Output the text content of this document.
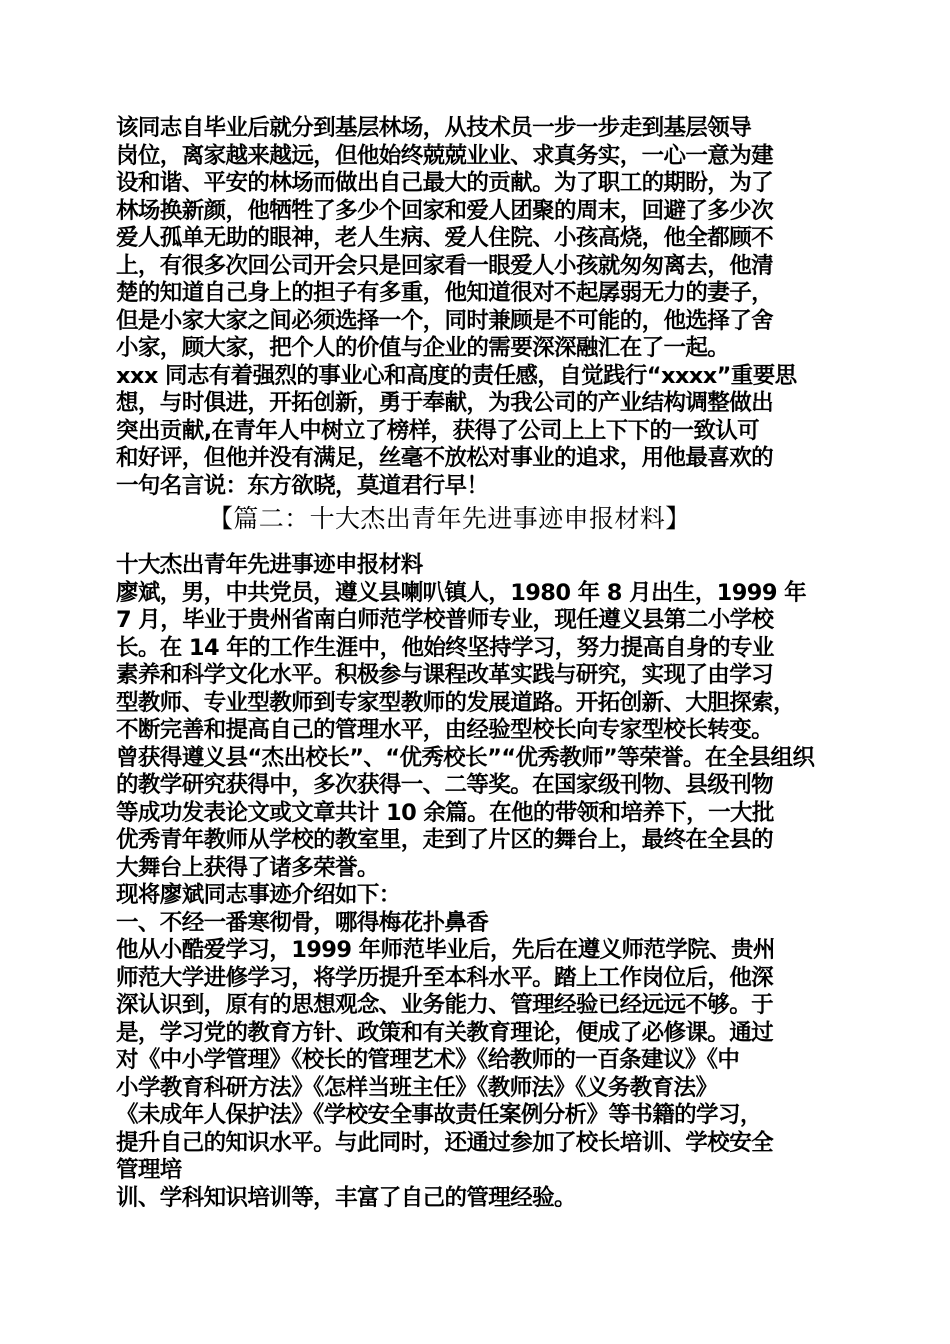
该同志自毕业后就分到基层林场，从技术员一步一步走到基层领导
岗位，离家越来越远，但他始终兢兢业业、求真务实，一心一意为建
设和谐、平安的林场而做出自己最大的贡献。为了职工的期盼，为了
林场换新颜，他牺牲了多少个回家和爱人团聚的周末，回避了多少次
爱人孤单无助的眼神，老人生病、爱人住院、小孩高烧，他全都顾不
上，有很多次回公司开会只是回家看一眼爱人小孩就匆匆离去，他清
楚的知道自己身上的担子有多重，他知道很对不起孱弱无力的妻子，
但是小家大家之间必须选择一个，同时兼顾是不可能的，他选择了舍
小家，顾大家，把个人的价值与企业的需要深深融汇在了一起。
xxx 同志有着强烈的事业心和高度的责任感，自觉践行“xxxx”重要思
想，与时俱进，开拓创新，勇于奉献，为我公司的产业结构调整做出
突出贡献,在青年人中树立了榜样，获得了公司上上下下的一致认可
和好评，但他并没有满足，丝毫不放松对事业的追求，用他最喜欢的
一句名言说：东方欲晓，莫道君行早！
【篇二：十大杰出青年先进事迹申报材料】
十大杰出青年先进事迹申报材料
廖斌，男，中共党员，遵义县喇叭镇人，1980 年 8 月出生，1999 年
7 月，毕业于贵州省南白师范学校普师专业，现任遵义县第二小学校
长。在 14 年的工作生涯中，他始终坚持学习，努力提高自身的专业
素养和科学文化水平。积极参与课程改革实践与研究，实现了由学习
型教师、专业型教师到专家型教师的发展道路。开拓创新、大胆探索，
不断完善和提高自己的管理水平，由经验型校长向专家型校长转变。
曾获得遵义县“杰出校长”、“优秀校长”“优秀教师”等荣誉。在全县组织
的教学研究获得中，多次获得一、二等奖。在国家级刊物、县级刊物
等成功发表论文或文章共计 10 余篇。在他的带领和培养下，一大批
优秀青年教师从学校的教室里，走到了片区的舞台上，最终在全县的
大舞台上获得了诸多荣誉。
现将廖斌同志事迹介绍如下：
一、不经一番寒彻骨，哪得梅花扑鼻香
他从小酷爱学习，1999 年师范毕业后，先后在遵义师范学院、贵州
师范大学进修学习，将学历提升至本科水平。踏上工作岗位后，他深
深认识到，原有的思想观念、业务能力、管理经验已经远远不够。于
是，学习党的教育方针、政策和有关教育理论，便成了必修课。通过
对《中小学管理》《校长的管理艺术》《给教师的一百条建议》《中
小学教育科研方法》《怎样当班主任》《教师法》《义务教育法》
《未成年人保护法》《学校安全事故责任案例分析》等书籍的学习，
提升自己的知识水平。与此同时，还通过参加了校长培训、学校安全
管理培
训、学科知识培训等，丰富了自己的管理经验。
